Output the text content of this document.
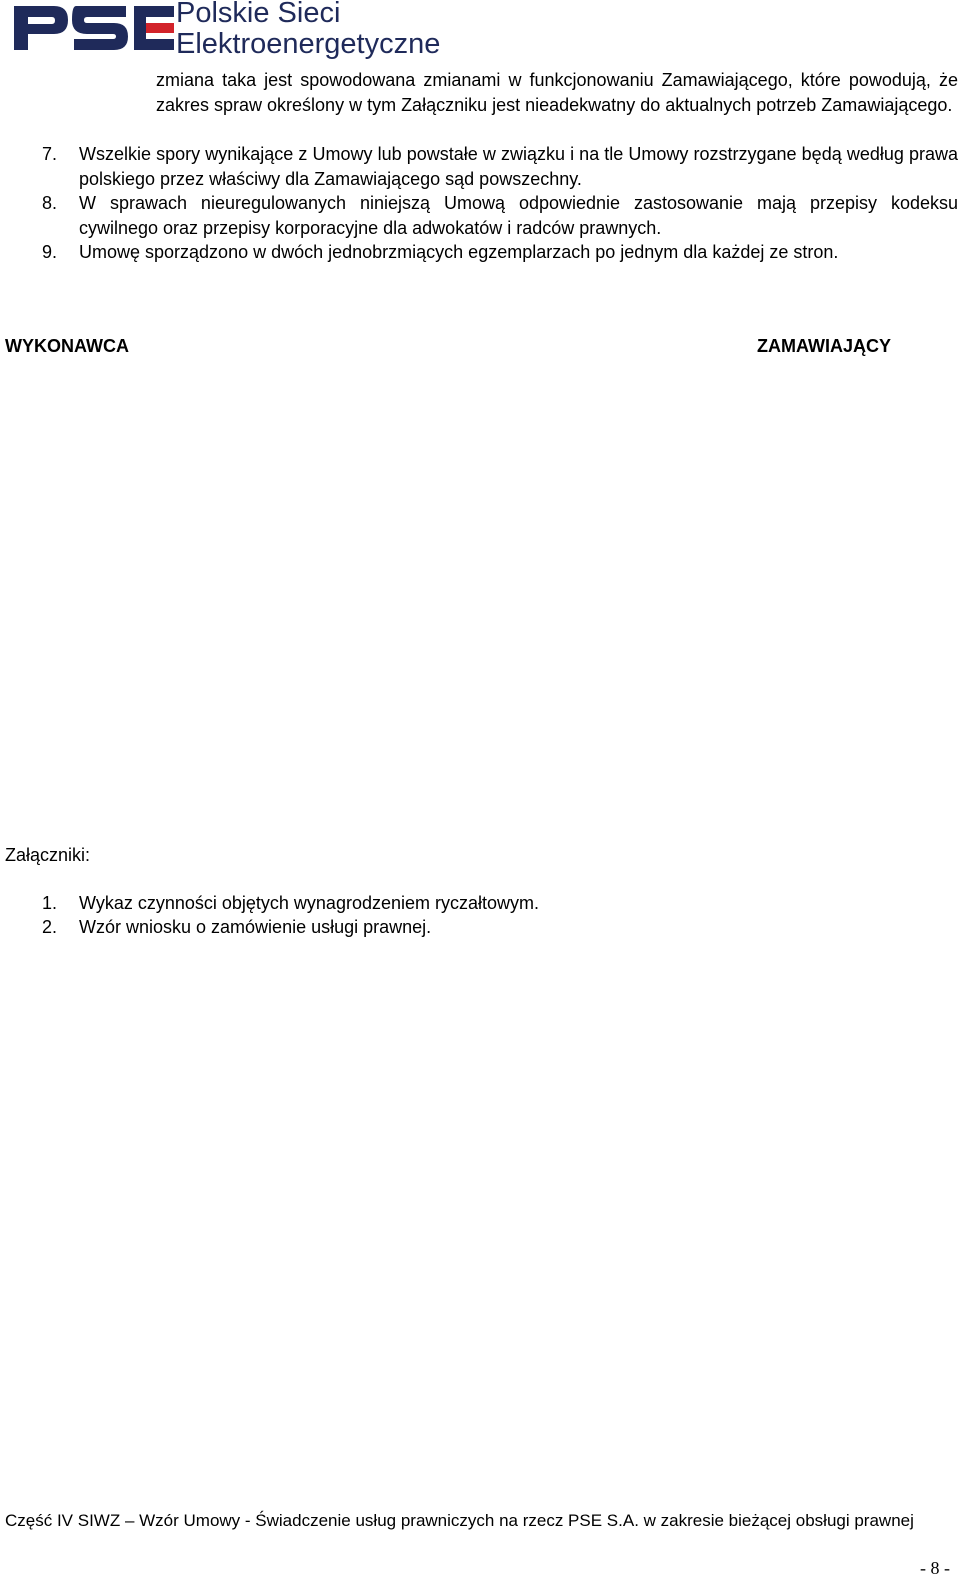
Polskie Sieci
Elektroenergetyczne
zmiana taka jest spowodowana zmianami w funkcjonowaniu Zamawiającego, które powodują, że zakres spraw określony w tym Załączniku jest nieadekwatny do aktualnych potrzeb Zamawiającego.
7.	Wszelkie spory wynikające z Umowy lub powstałe w związku i na tle Umowy rozstrzygane będą według prawa polskiego przez właściwy dla Zamawiającego sąd powszechny.
8.	W sprawach nieuregulowanych niniejszą Umową odpowiednie zastosowanie mają przepisy kodeksu cywilnego oraz przepisy korporacyjne dla adwokatów i radców prawnych.
9.	Umowę sporządzono w dwóch jednobrzmiących egzemplarzach po jednym dla każdej ze stron.
WYKONAWCA	ZAMAWIAJĄCY
Załączniki:
1. Wykaz czynności objętych wynagrodzeniem ryczałtowym.
2. Wzór wniosku o zamówienie usługi prawnej.
Część IV SIWZ – Wzór Umowy - Świadczenie usług prawniczych na rzecz PSE S.A. w zakresie bieżącej obsługi prawnej
- 8 -
